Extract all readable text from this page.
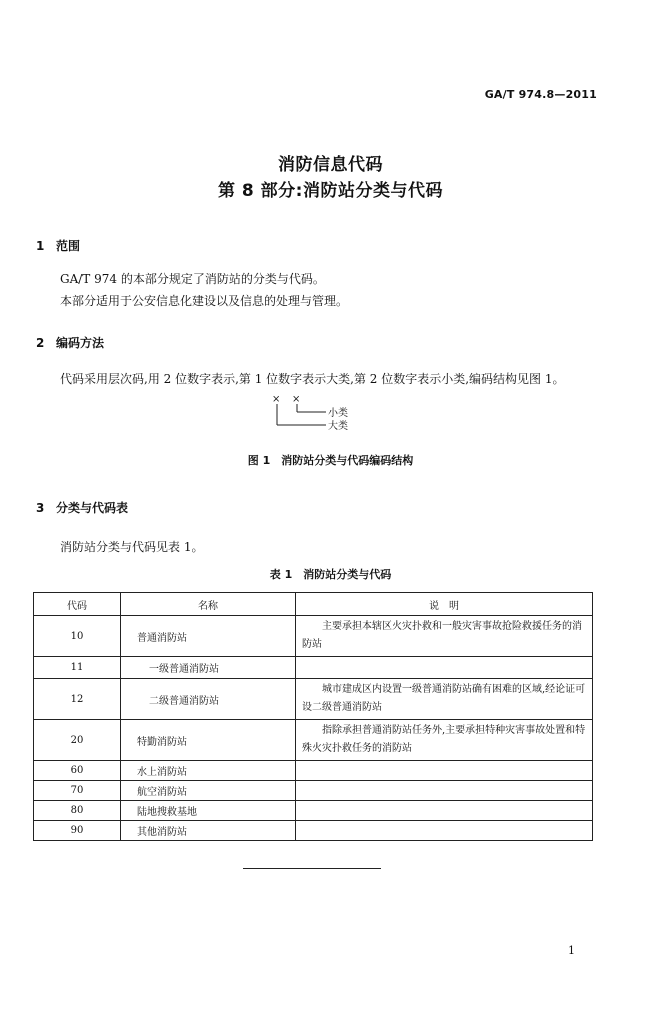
GA/T 974.8—2011
消防信息代码
第 8 部分:消防站分类与代码
1 范围
GA/T 974 的本部分规定了消防站的分类与代码。
本部分适用于公安信息化建设以及信息的处理与管理。
2 编码方法
代码采用层次码,用 2 位数字表示,第 1 位数字表示大类,第 2 位数字表示小类,编码结构见图 1。
× ×
小类
大类
图 1　消防站分类与代码编码结构
3 分类与代码表
消防站分类与代码见表 1。
表 1　消防站分类与代码
代码	名称	说　明
10	普通消防站	主要承担本辖区火灾扑救和一般灾害事故抢险救援任务的消防站
11	一级普通消防站	
12	二级普通消防站	城市建成区内设置一级普通消防站确有困难的区域,经论证可设二级普通消防站
20	特勤消防站	指除承担普通消防站任务外,主要承担特种灾害事故处置和特殊火灾扑救任务的消防站
60	水上消防站	
70	航空消防站	
80	陆地搜救基地	
90	其他消防站	
1
